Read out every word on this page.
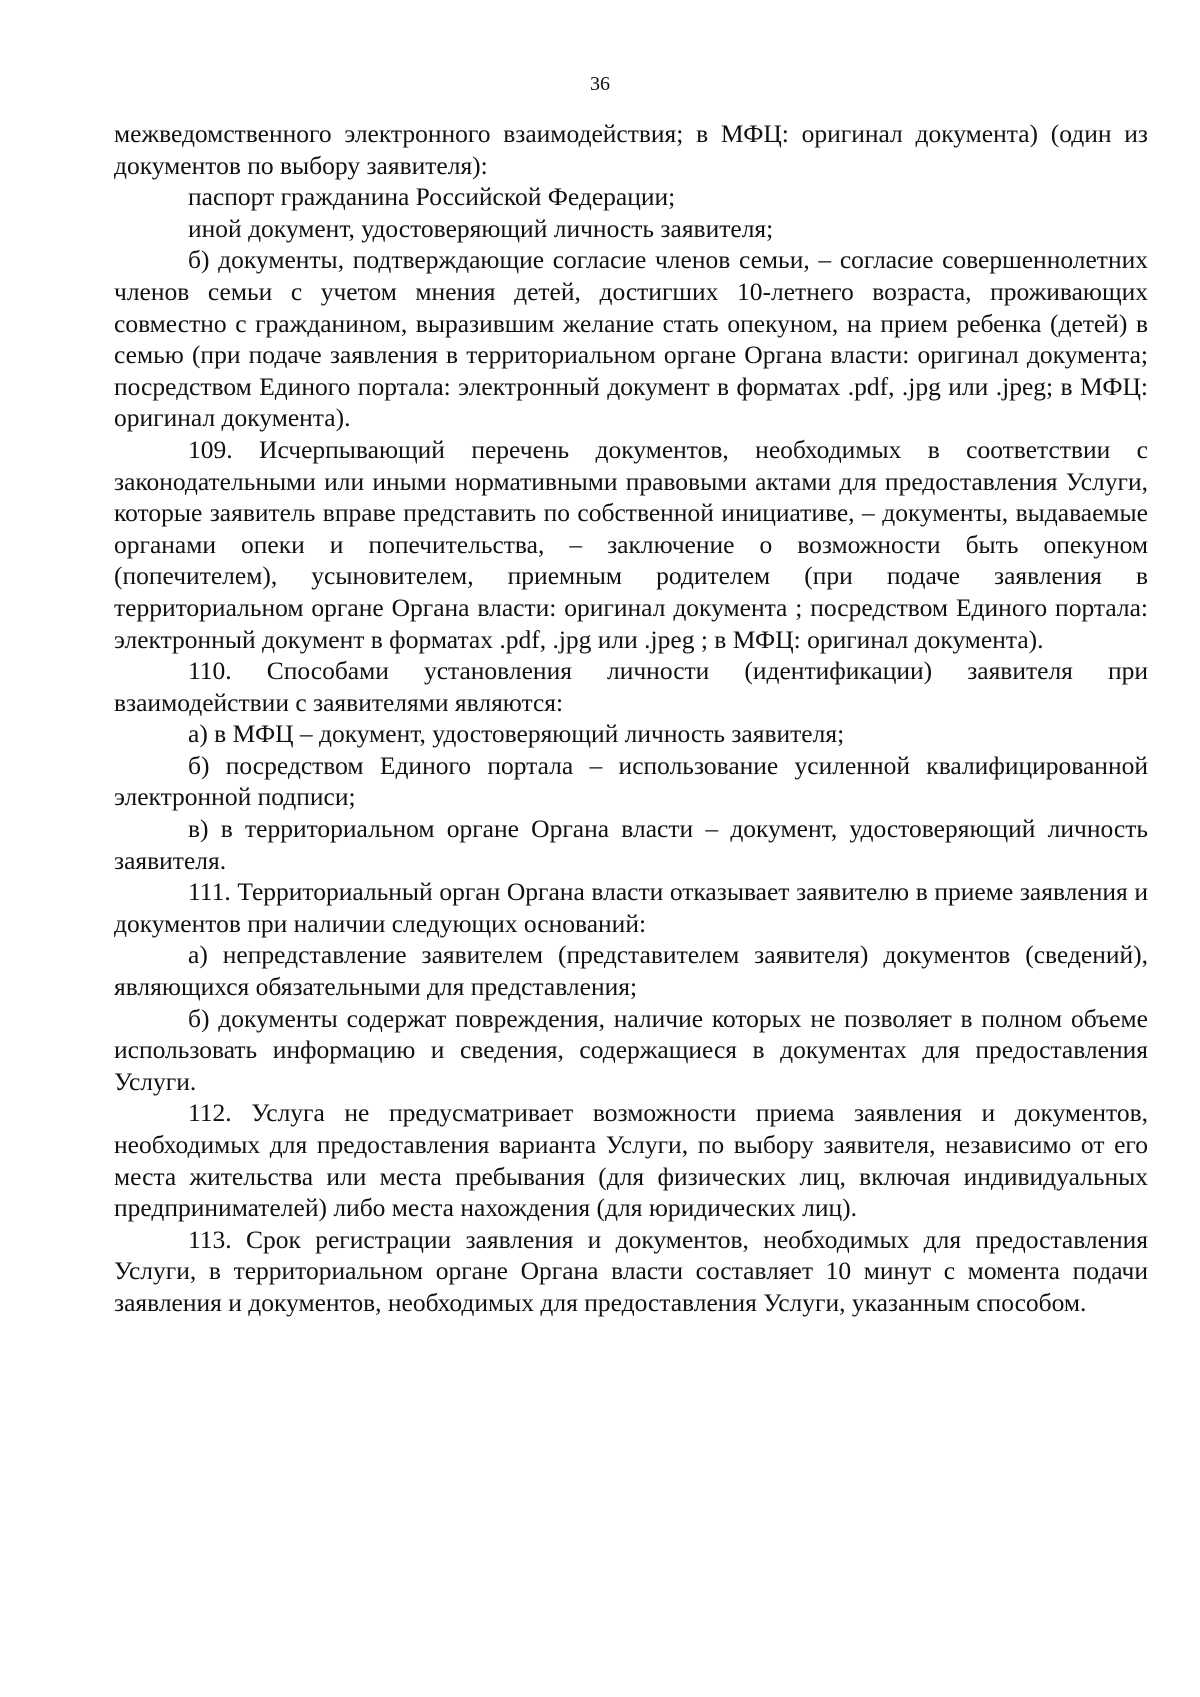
36

межведомственного электронного взаимодействия; в МФЦ: оригинал документа) (один из документов по выбору заявителя):

паспорт гражданина Российской Федерации;

иной документ, удостоверяющий личность заявителя;

б) документы, подтверждающие согласие членов семьи, – согласие совершеннолетних членов семьи с учетом мнения детей, достигших 10-летнего возраста, проживающих совместно с гражданином, выразившим желание стать опекуном, на прием ребенка (детей) в семью (при подаче заявления в территориальном органе Органа власти: оригинал документа; посредством Единого портала: электронный документ в форматах .pdf, .jpg или .jpeg; в МФЦ: оригинал документа).

109. Исчерпывающий перечень документов, необходимых в соответствии с законодательными или иными нормативными правовыми актами для предоставления Услуги, которые заявитель вправе представить по собственной инициативе, – документы, выдаваемые органами опеки и попечительства, – заключение о возможности быть опекуном (попечителем), усыновителем, приемным родителем (при подаче заявления в территориальном органе Органа власти: оригинал документа ; посредством Единого портала: электронный документ в форматах .pdf, .jpg или .jpeg ; в МФЦ: оригинал документа).

110. Способами установления личности (идентификации) заявителя при взаимодействии с заявителями являются:

а) в МФЦ – документ, удостоверяющий личность заявителя;

б) посредством Единого портала – использование усиленной квалифицированной электронной подписи;

в) в территориальном органе Органа власти – документ, удостоверяющий личность заявителя.

111. Территориальный орган Органа власти отказывает заявителю в приеме заявления и документов при наличии следующих оснований:

а) непредставление заявителем (представителем заявителя) документов (сведений), являющихся обязательными для представления;

б) документы содержат повреждения, наличие которых не позволяет в полном объеме использовать информацию и сведения, содержащиеся в документах для предоставления Услуги.

112. Услуга не предусматривает возможности приема заявления и документов, необходимых для предоставления варианта Услуги, по выбору заявителя, независимо от его места жительства или места пребывания (для физических лиц, включая индивидуальных предпринимателей) либо места нахождения (для юридических лиц).

113. Срок регистрации заявления и документов, необходимых для предоставления Услуги, в территориальном органе Органа власти составляет 10 минут с момента подачи заявления и документов, необходимых для предоставления Услуги, указанным способом.
